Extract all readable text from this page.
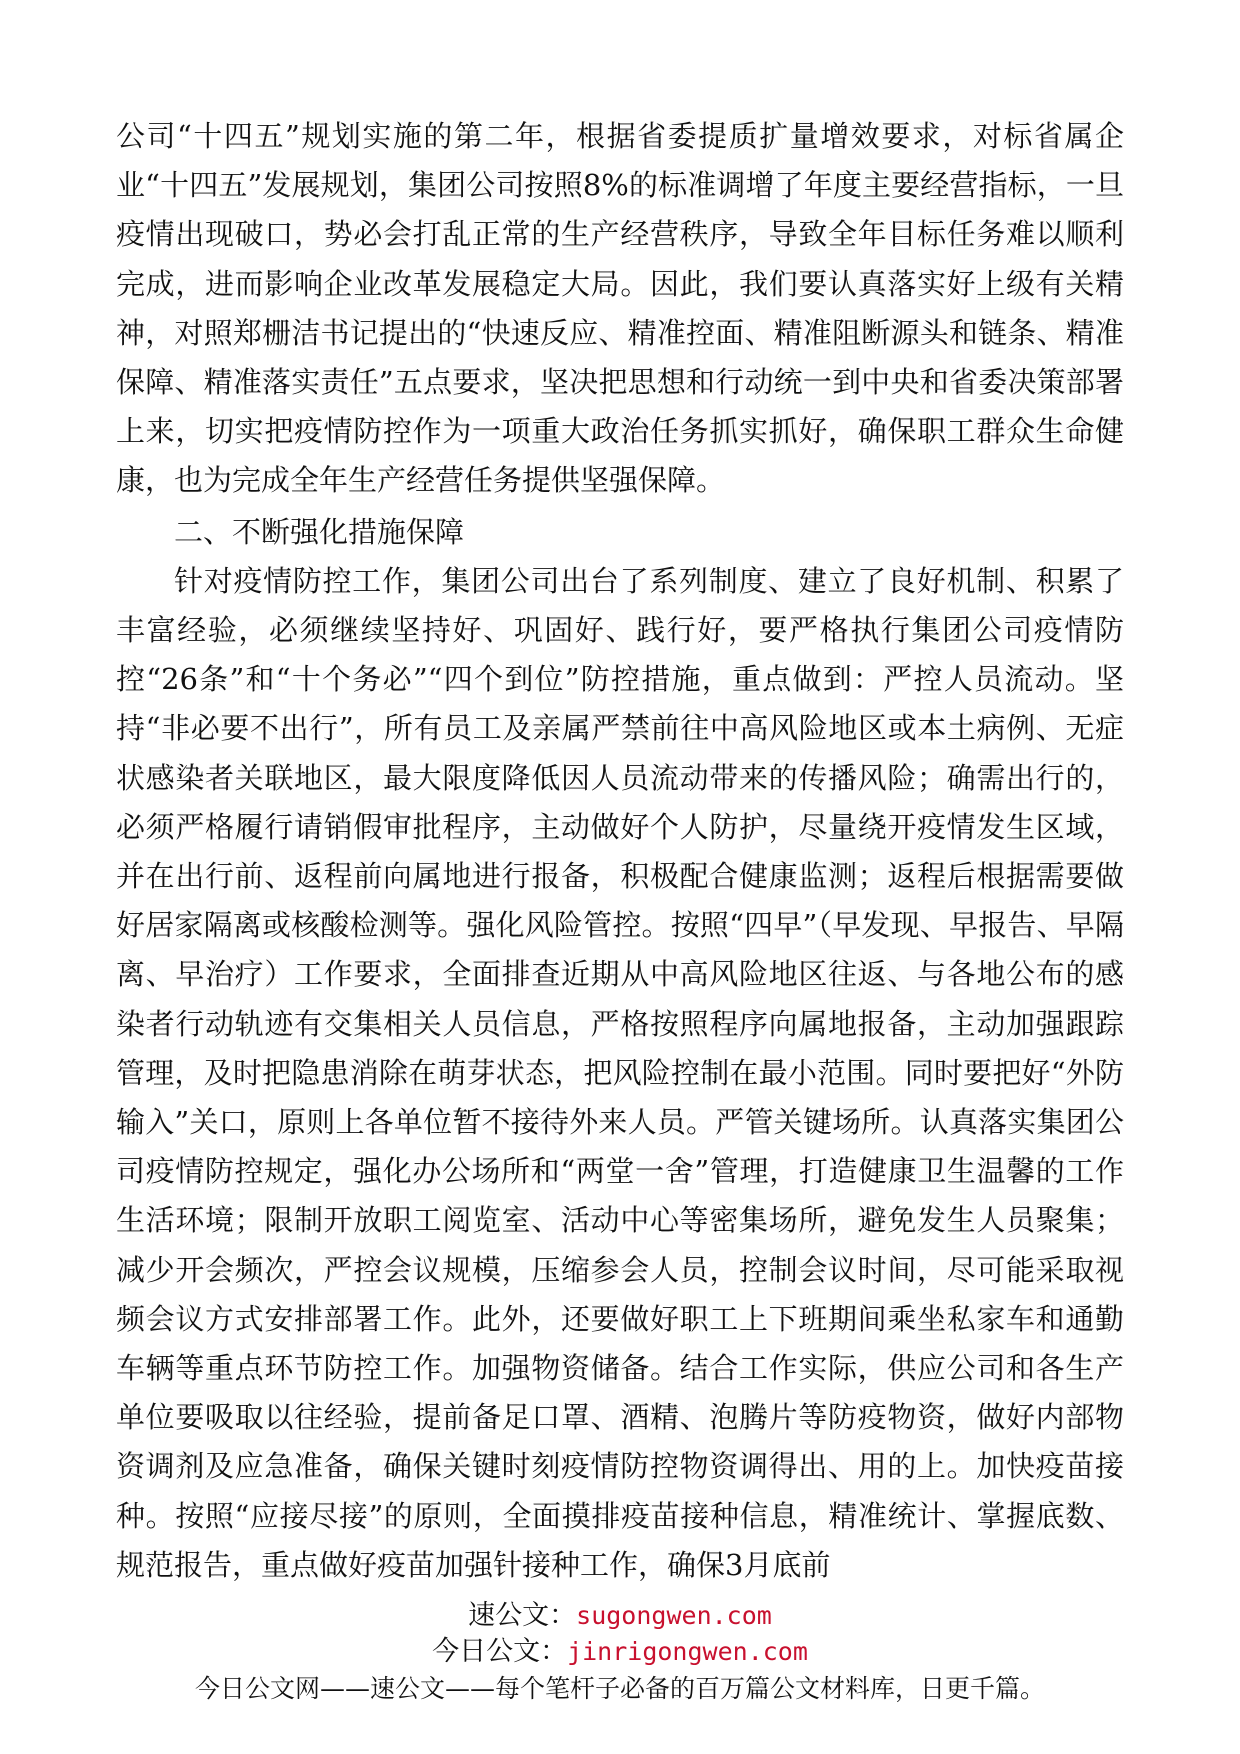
公司“十四五”规划实施的第二年，根据省委提质扩量增效要求，对标省属企业“十四五”发展规划，集团公司按照8%的标准调增了年度主要经营指标，一旦疫情出现破口，势必会打乱正常的生产经营秩序，导致全年目标任务难以顺利完成，进而影响企业改革发展稳定大局。因此，我们要认真落实好上级有关精神，对照郑栅洁书记提出的“快速反应、精准控面、精准阻断源头和链条、精准保障、精准落实责任”五点要求，坚决把思想和行动统一到中央和省委决策部署上来，切实把疫情防控作为一项重大政治任务抓实抓好，确保职工群众生命健康，也为完成全年生产经营任务提供坚强保障。

二、不断强化措施保障

针对疫情防控工作，集团公司出台了系列制度、建立了良好机制、积累了丰富经验，必须继续坚持好、巩固好、践行好，要严格执行集团公司疫情防控“26条”和“十个务必”“四个到位”防控措施，重点做到：严控人员流动。坚持“非必要不出行”，所有员工及亲属严禁前往中高风险地区或本土病例、无症状感染者关联地区，最大限度降低因人员流动带来的传播风险；确需出行的，必须严格履行请销假审批程序，主动做好个人防护，尽量绕开疫情发生区域，并在出行前、返程前向属地进行报备，积极配合健康监测；返程后根据需要做好居家隔离或核酸检测等。强化风险管控。按照“四早”（早发现、早报告、早隔离、早治疗）工作要求，全面排查近期从中高风险地区往返、与各地公布的感染者行动轨迹有交集相关人员信息，严格按照程序向属地报备，主动加强跟踪管理，及时把隐患消除在萌芽状态，把风险控制在最小范围。同时要把好“外防输入”关口，原则上各单位暂不接待外来人员。严管关键场所。认真落实集团公司疫情防控规定，强化办公场所和“两堂一舍”管理，打造健康卫生温馨的工作生活环境；限制开放职工阅览室、活动中心等密集场所，避免发生人员聚集；减少开会频次，严控会议规模，压缩参会人员，控制会议时间，尽可能采取视频会议方式安排部署工作。此外，还要做好职工上下班期间乘坐私家车和通勤车辆等重点环节防控工作。加强物资储备。结合工作实际，供应公司和各生产单位要吸取以往经验，提前备足口罩、酒精、泡腾片等防疫物资，做好内部物资调剂及应急准备，确保关键时刻疫情防控物资调得出、用的上。加快疫苗接种。按照“应接尽接”的原则，全面摸排疫苗接种信息，精准统计、掌握底数、规范报告，重点做好疫苗加强针接种工作，确保3月底前

速公文：sugongwen.com
今日公文：jinrigongwen.com
今日公文网——速公文——每个笔杆子必备的百万篇公文材料库，日更千篇。
